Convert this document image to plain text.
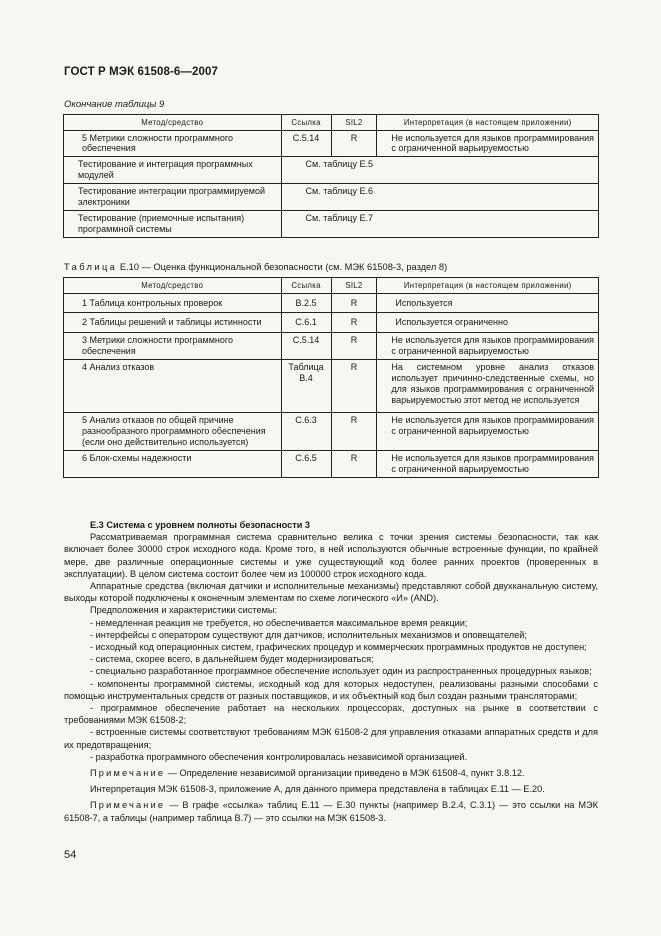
ГОСТ Р МЭК 61508-6—2007
Окончание таблицы 9
Метод/средство	Ссылка	SIL2	Интерпретация (в настоящем приложении)
5 Метрики сложности программного обеспечения	C.5.14	R	Не используется для языков программирования с ограниченной варьируемостью
Тестирование и интеграция программных модулей	См. таблицу Е.5		
Тестирование интеграции программируемой электроники	См. таблицу Е.6		
Тестирование (приемочные испытания) программной системы	См. таблицу Е.7		
Таблица Е.10 — Оценка функциональной безопасности (см. МЭК 61508-3, раздел 8)
Метод/средство	Ссылка	SIL2	Интерпретация (в настоящем приложении)
1 Таблица контрольных проверок	B.2.5	R	Используется
2 Таблицы решений и таблицы истинности	C.6.1	R	Используется ограниченно
3 Метрики сложности программного обеспечения	C.5.14	R	Не используется для языков программирования с ограниченной варьируемостью
4 Анализ отказов	Таблица B.4	R	На системном уровне анализ отказов использует причинно-следственные схемы, но для языков программирования с ограниченной варьируемостью этот метод не используется
5 Анализ отказов по общей причине разнообразного программного обеспечения (если оно действительно используется)	C.6.3	R	Не используется для языков программирования с ограниченной варьируемостью
6 Блок-схемы надежности	C.6.5	R	Не используется для языков программирования с ограниченной варьируемостью

Е.3 Система с уровнем полноты безопасности 3

Рассматриваемая программная система сравнительно велика с точки зрения системы безопасности, так как включает более 30000 строк исходного кода. Кроме того, в ней используются обычные встроенные функции, по крайней мере, две различные операционные системы и уже существующий код более ранних проектов (проверенных в эксплуатации). В целом система состоит более чем из 100000 строк исходного кода.

Аппаратные средства (включая датчики и исполнительные механизмы) представляют собой двухканальную систему, выходы которой подключены к оконечным элементам по схеме логического «И» (AND).

Предположения и характеристики системы:

- немедленная реакция не требуется, но обеспечивается максимальное время реакции;

- интерфейсы с оператором существуют для датчиков, исполнительных механизмов и оповещателей;

- исходный код операционных систем, графических процедур и коммерческих программных продуктов не доступен;

- система, скорее всего, в дальнейшем будет модернизироваться;

- специально разработанное программное обеспечение использует один из распространенных процедурных языков;

- компоненты программной системы, исходный код для которых недоступен, реализованы разными способами с помощью инструментальных средств от разных поставщиков, и их объектный код был создан разными трансляторами;

- программное обеспечение работает на нескольких процессорах, доступных на рынке в соответствии с требованиями МЭК 61508-2;

- встроенные системы соответствуют требованиям МЭК 61508-2 для управления отказами аппаратных средств и для их предотвращения;

- разработка программного обеспечения контролировалась независимой организацией.

Примечание — Определение независимой организации приведено в МЭК 61508-4, пункт 3.8.12.

Интерпретация МЭК 61508-3, приложение А, для данного примера представлена в таблицах Е.11 — Е.20.

Примечание — В графе «ссылка» таблиц Е.11 — Е.30 пункты (например В.2.4, С.3.1) — это ссылки на МЭК 61508-7, а таблицы (например таблица В.7) — это ссылки на МЭК 61508-3.

54
